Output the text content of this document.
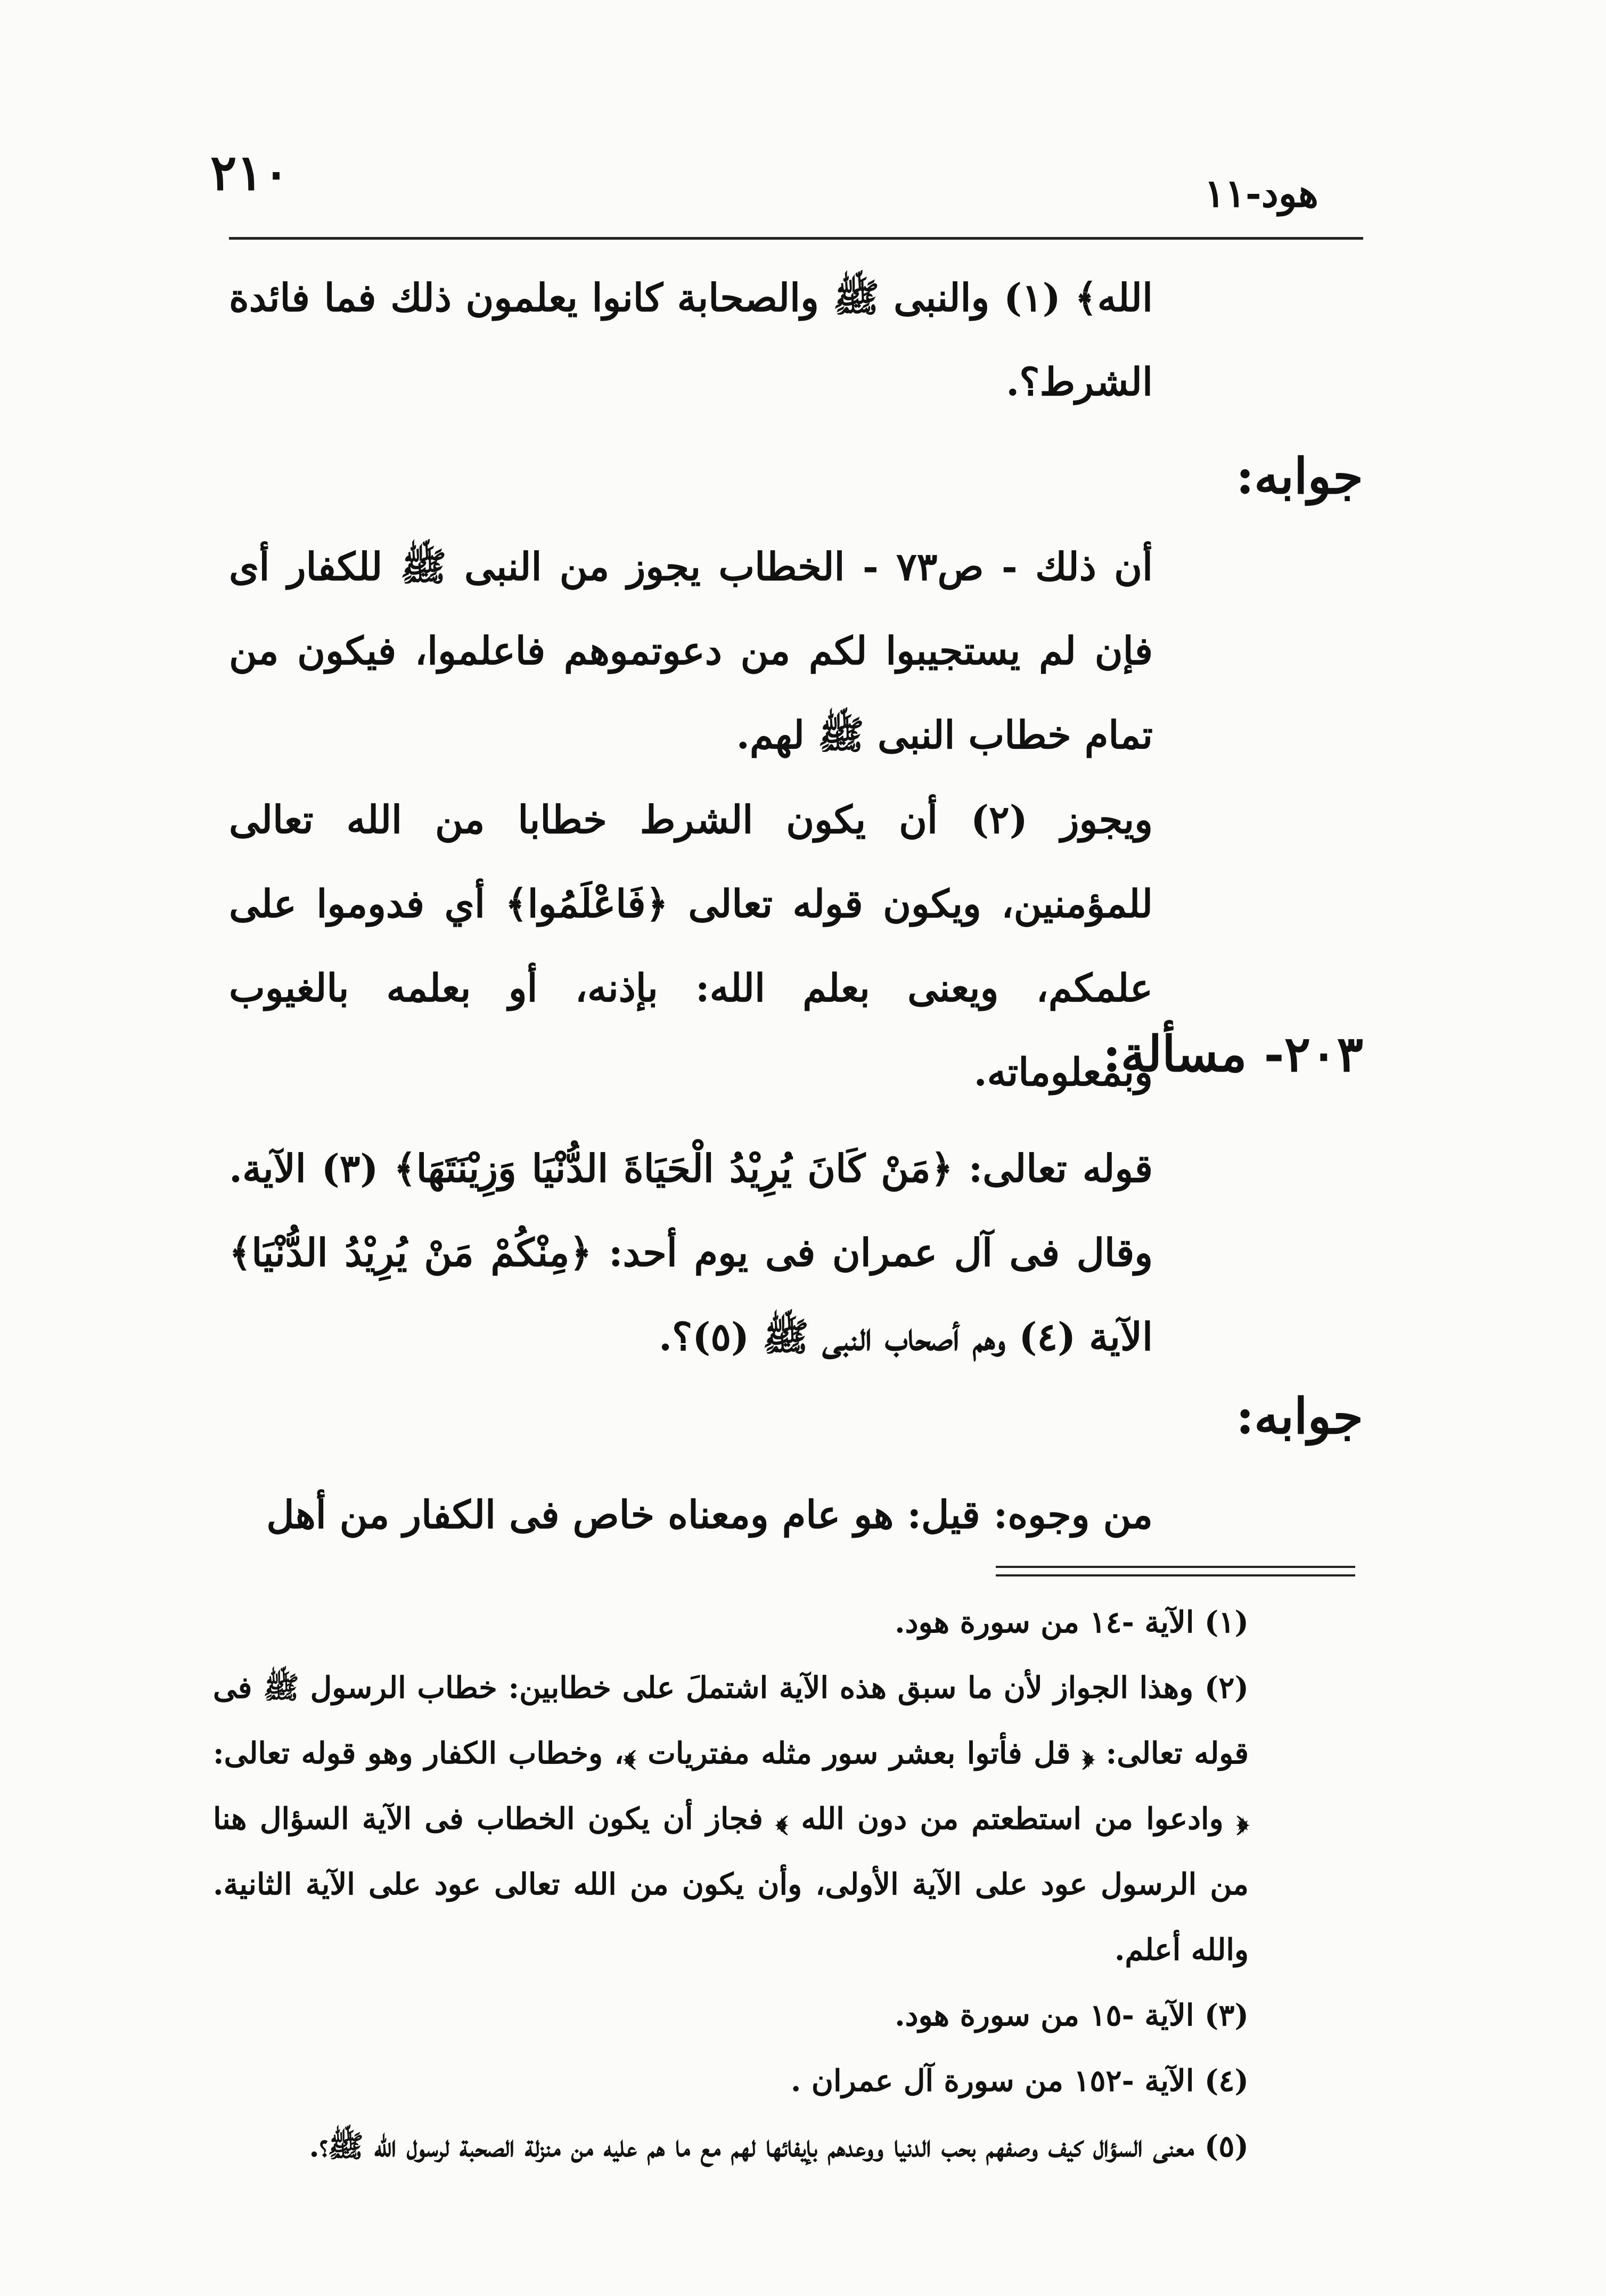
٢١٠	هود-١١

الله﴾ (١) والنبى ﷺ والصحابة كانوا يعلمون ذلك فما فائدة الشرط؟.

جوابه:

أن ذلك - ص٧٣ - الخطاب يجوز من النبى ﷺ للكفار أى فإن لم يستجيبوا لكم من دعوتموهم فاعلموا، فيكون من تمام خطاب النبى ﷺ لهم.

ويجوز (٢) أن يكون الشرط خطابا من الله تعالى للمؤمنين، ويكون قوله تعالى ﴿فَاعْلَمُوا﴾ أي فدوموا على علمكم، ويعنى بعلم الله: بإذنه، أو بعلمه بالغيوب وبمعلوماته.

٢٠٣- مسألة:

قوله تعالى: ﴿مَنْ كَانَ يُرِيْدُ الْحَيَاةَ الدُّنْيَا وَزِيْنَتَهَا﴾ (٣) الآية. وقال فى آل عمران فى يوم أحد: ﴿مِنْكُمْ مَنْ يُرِيْدُ الدُّنْيَا﴾ الآية (٤) وهم أصحاب النبى ﷺ (٥)؟.

جوابه:

من وجوه: قيل: هو عام ومعناه خاص فى الكفار من أهل

(١) الآية -١٤ من سورة هود.

(٢) وهذا الجواز لأن ما سبق هذه الآية اشتملَ على خطابين: خطاب الرسول ﷺ فى قوله تعالى: ﴿ قل فأتوا بعشر سور مثله مفتريات ﴾، وخطاب الكفار وهو قوله تعالى: ﴿ وادعوا من استطعتم من دون الله ﴾ فجاز أن يكون الخطاب فى الآية السؤال هنا من الرسول عود على الآية الأولى، وأن يكون من الله تعالى عود على الآية الثانية. والله أعلم.

(٣) الآية -١٥ من سورة هود.

(٤) الآية -١٥٢ من سورة آل عمران .

(٥) معنى السؤال كيف وصفهم بحب الدنيا ووعدهم بإيفائها لهم مع ما هم عليه من منزلة الصحبة لرسول الله ﷺ؟.
